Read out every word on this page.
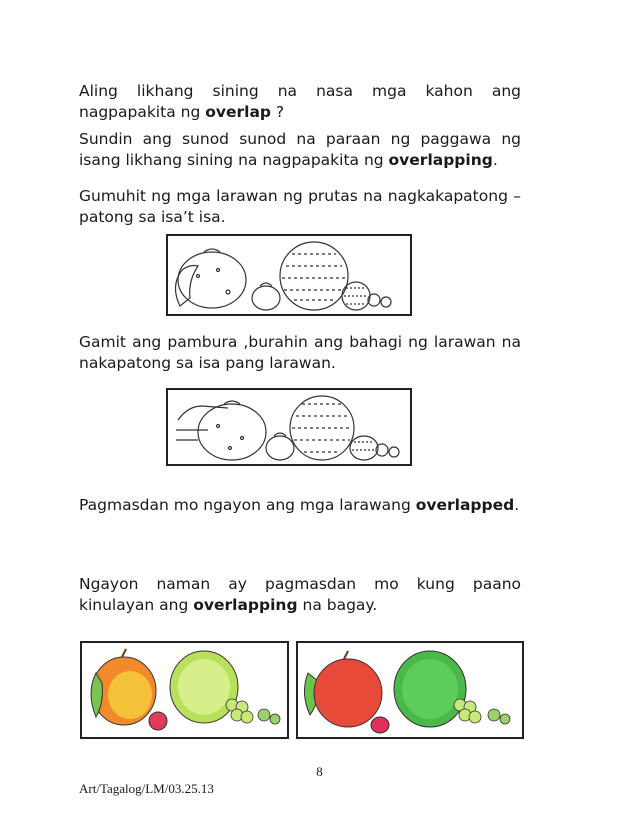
Aling likhang sining na nasa mga kahon ang nagpapakita ng overlap ?
Sundin ang sunod sunod na paraan ng paggawa ng isang likhang sining na nagpapakita ng overlapping.
Gumuhit ng mga larawan ng prutas na nagkakapatong –patong sa isa’t isa.
Gamit ang pambura ,burahin ang bahagi ng larawan na nakapatong sa isa pang larawan.
Pagmasdan mo ngayon ang mga larawang overlapped.
Ngayon naman ay pagmasdan mo kung paano kinulayan ang overlapping na bagay.
8
Art/Tagalog/LM/03.25.13
